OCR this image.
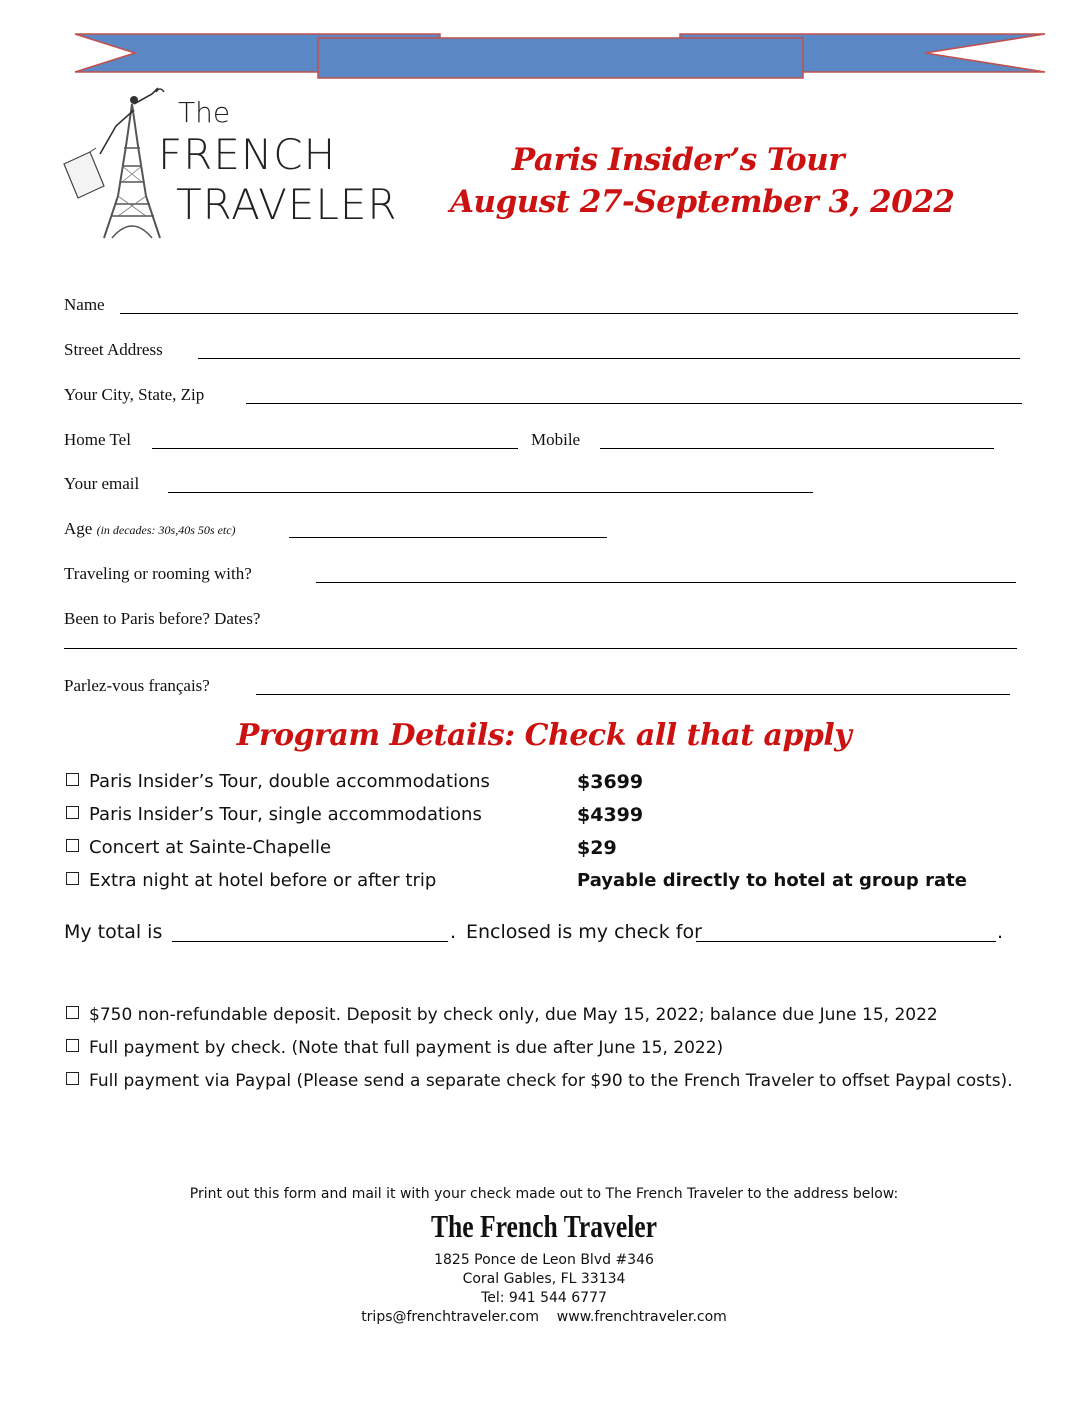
The
FRENCH
TRAVELER
Paris Insider’s Tour
August 27-September 3, 2022
Name
Street Address
Your City, State, Zip
Home Tel	Mobile
Your email
Age (in decades: 30s,40s 50s etc)
Traveling or rooming with?
Been to Paris before? Dates?
Parlez-vous français?
Program Details: Check all that apply
Paris Insider’s Tour, double accommodations	$3699
Paris Insider’s Tour, single accommodations	$4399
Concert at Sainte-Chapelle	$29
Extra night at hotel before or after trip	Payable directly to hotel at group rate
My total is	. Enclosed is my check for	.
$750 non-refundable deposit. Deposit by check only, due May 15, 2022; balance due June 15, 2022
Full payment by check. (Note that full payment is due after June 15, 2022)
Full payment via Paypal (Please send a separate check for $90 to the French Traveler to offset Paypal costs).
Print out this form and mail it with your check made out to The French Traveler to the address below:
The French Traveler
1825 Ponce de Leon Blvd #346
Coral Gables, FL 33134
Tel: 941 544 6777
trips@frenchtraveler.com www.frenchtraveler.com
